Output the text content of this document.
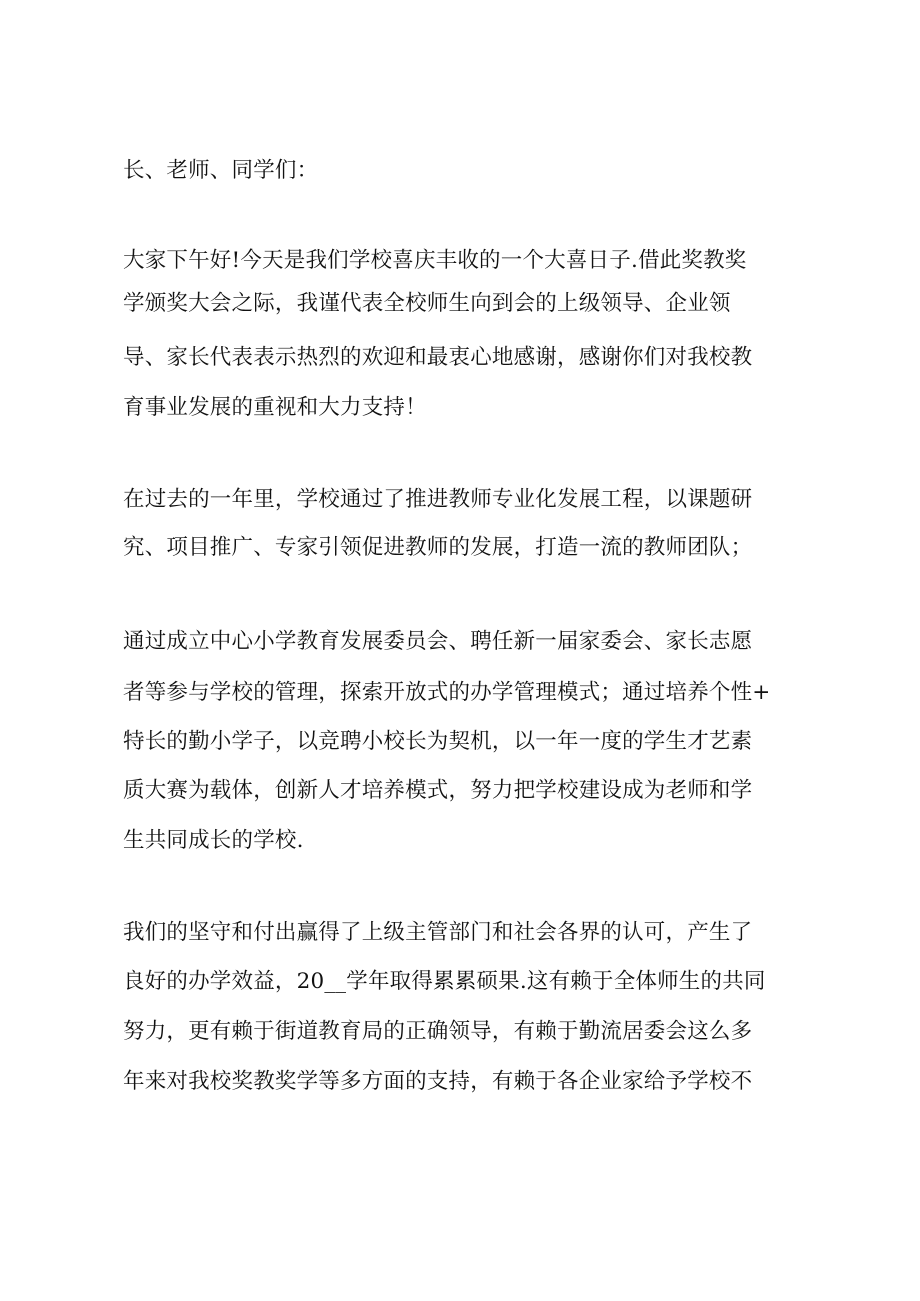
长、老师、同学们：
大家下午好!今天是我们学校喜庆丰收的一个大喜日子.借此奖教奖
学颁奖大会之际，我谨代表全校师生向到会的上级领导、企业领
导、家长代表表示热烈的欢迎和最衷心地感谢，感谢你们对我校教
育事业发展的重视和大力支持！
在过去的一年里，学校通过了推进教师专业化发展工程，以课题研
究、项目推广、专家引领促进教师的发展，打造一流的教师团队；
通过成立中心小学教育发展委员会、聘任新一届家委会、家长志愿
者等参与学校的管理，探索开放式的办学管理模式；通过培养个性+
特长的勤小学子，以竞聘小校长为契机，以一年一度的学生才艺素
质大赛为载体，创新人才培养模式，努力把学校建设成为老师和学
生共同成长的学校.
我们的坚守和付出赢得了上级主管部门和社会各界的认可，产生了
良好的办学效益，20__学年取得累累硕果.这有赖于全体师生的共同
努力，更有赖于街道教育局的正确领导，有赖于勤流居委会这么多
年来对我校奖教奖学等多方面的支持，有赖于各企业家给予学校不
